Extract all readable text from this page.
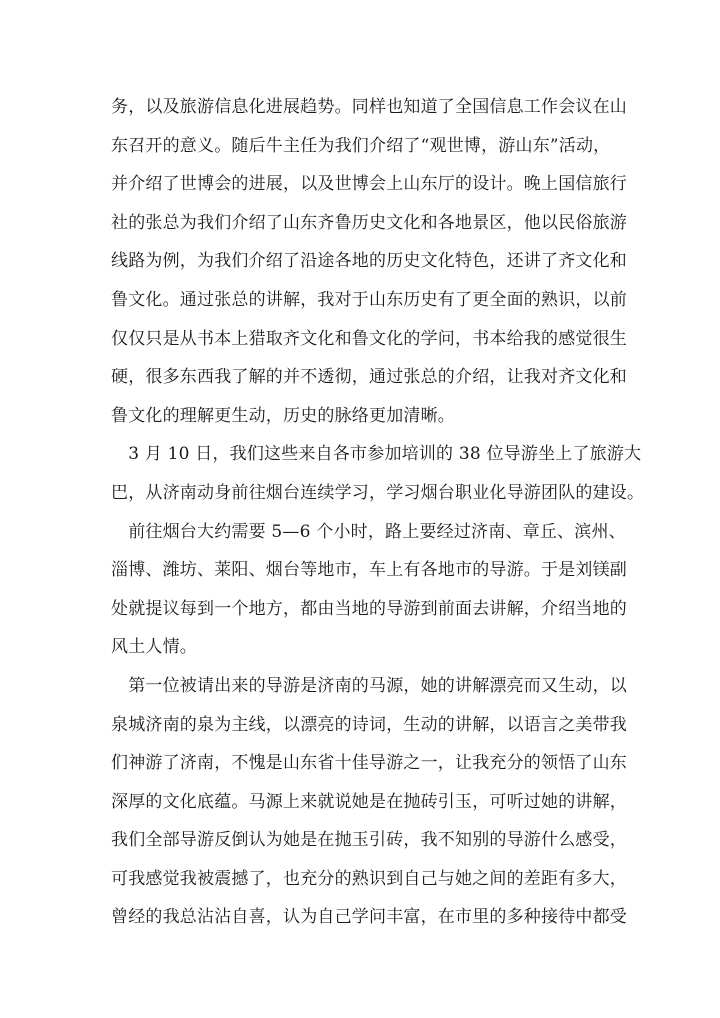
务，以及旅游信息化进展趋势。同样也知道了全国信息工作会议在山
东召开的意义。随后牛主任为我们介绍了“观世博，游山东”活动，
并介绍了世博会的进展，以及世博会上山东厅的设计。晚上国信旅行
社的张总为我们介绍了山东齐鲁历史文化和各地景区，他以民俗旅游
线路为例，为我们介绍了沿途各地的历史文化特色，还讲了齐文化和
鲁文化。通过张总的讲解，我对于山东历史有了更全面的熟识，以前
仅仅只是从书本上猎取齐文化和鲁文化的学问，书本给我的感觉很生
硬，很多东西我了解的并不透彻，通过张总的介绍，让我对齐文化和
鲁文化的理解更生动，历史的脉络更加清晰。
　3 月 10 日，我们这些来自各市参加培训的 38 位导游坐上了旅游大
巴，从济南动身前往烟台连续学习，学习烟台职业化导游团队的建设。
　前往烟台大约需要 5—6 个小时，路上要经过济南、章丘、滨州、
淄博、潍坊、莱阳、烟台等地市，车上有各地市的导游。于是刘镁副
处就提议每到一个地方，都由当地的导游到前面去讲解，介绍当地的
风土人情。
　第一位被请出来的导游是济南的马源，她的讲解漂亮而又生动，以
泉城济南的泉为主线，以漂亮的诗词，生动的讲解，以语言之美带我
们神游了济南，不愧是山东省十佳导游之一，让我充分的领悟了山东
深厚的文化底蕴。马源上来就说她是在抛砖引玉，可听过她的讲解，
我们全部导游反倒认为她是在抛玉引砖，我不知别的导游什么感受，
可我感觉我被震撼了，也充分的熟识到自己与她之间的差距有多大，
曾经的我总沾沾自喜，认为自己学问丰富，在市里的多种接待中都受
